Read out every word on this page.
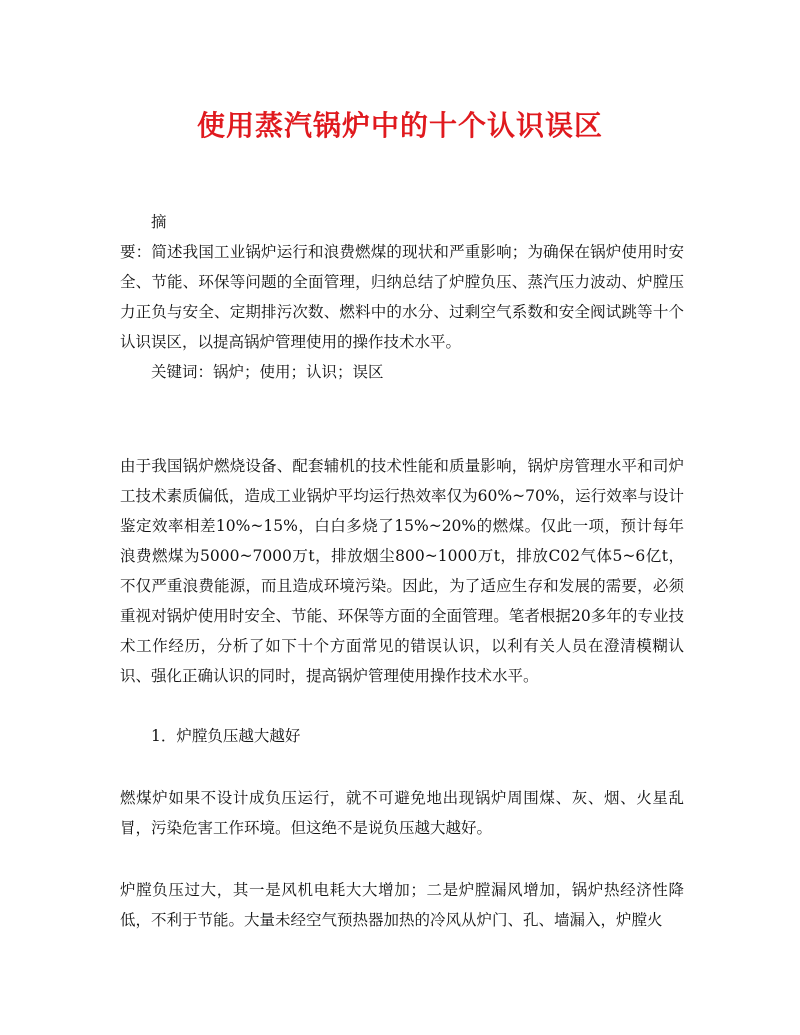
使用蒸汽锅炉中的十个认识误区
摘
要：简述我国工业锅炉运行和浪费燃煤的现状和严重影响；为确保在锅炉使用时安全、节能、环保等问题的全面管理，归纳总结了炉膛负压、蒸汽压力波动、炉膛压力正负与安全、定期排污次数、燃料中的水分、过剩空气系数和安全阀试跳等十个认识误区，以提高锅炉管理使用的操作技术水平。
关键词：锅炉；使用；认识；误区
由于我国锅炉燃烧设备、配套辅机的技术性能和质量影响，锅炉房管理水平和司炉工技术素质偏低，造成工业锅炉平均运行热效率仅为60%~70%，运行效率与设计鉴定效率相差10%~15%，白白多烧了15%~20%的燃煤。仅此一项，预计每年浪费燃煤为5000~7000万t，排放烟尘800~1000万t，排放C02气体5~6亿t，不仅严重浪费能源，而且造成环境污染。因此，为了适应生存和发展的需要，必须重视对锅炉使用时安全、节能、环保等方面的全面管理。笔者根据20多年的专业技术工作经历，分析了如下十个方面常见的错误认识，以利有关人员在澄清模糊认识、强化正确认识的同时，提高锅炉管理使用操作技术水平。
1．炉膛负压越大越好
燃煤炉如果不设计成负压运行，就不可避免地出现锅炉周围煤、灰、烟、火星乱冒，污染危害工作环境。但这绝不是说负压越大越好。
炉膛负压过大，其一是风机电耗大大增加；二是炉膛漏风增加，锅炉热经济性降低，不利于节能。大量未经空气预热器加热的冷风从炉门、孔、墙漏入，炉膛火
